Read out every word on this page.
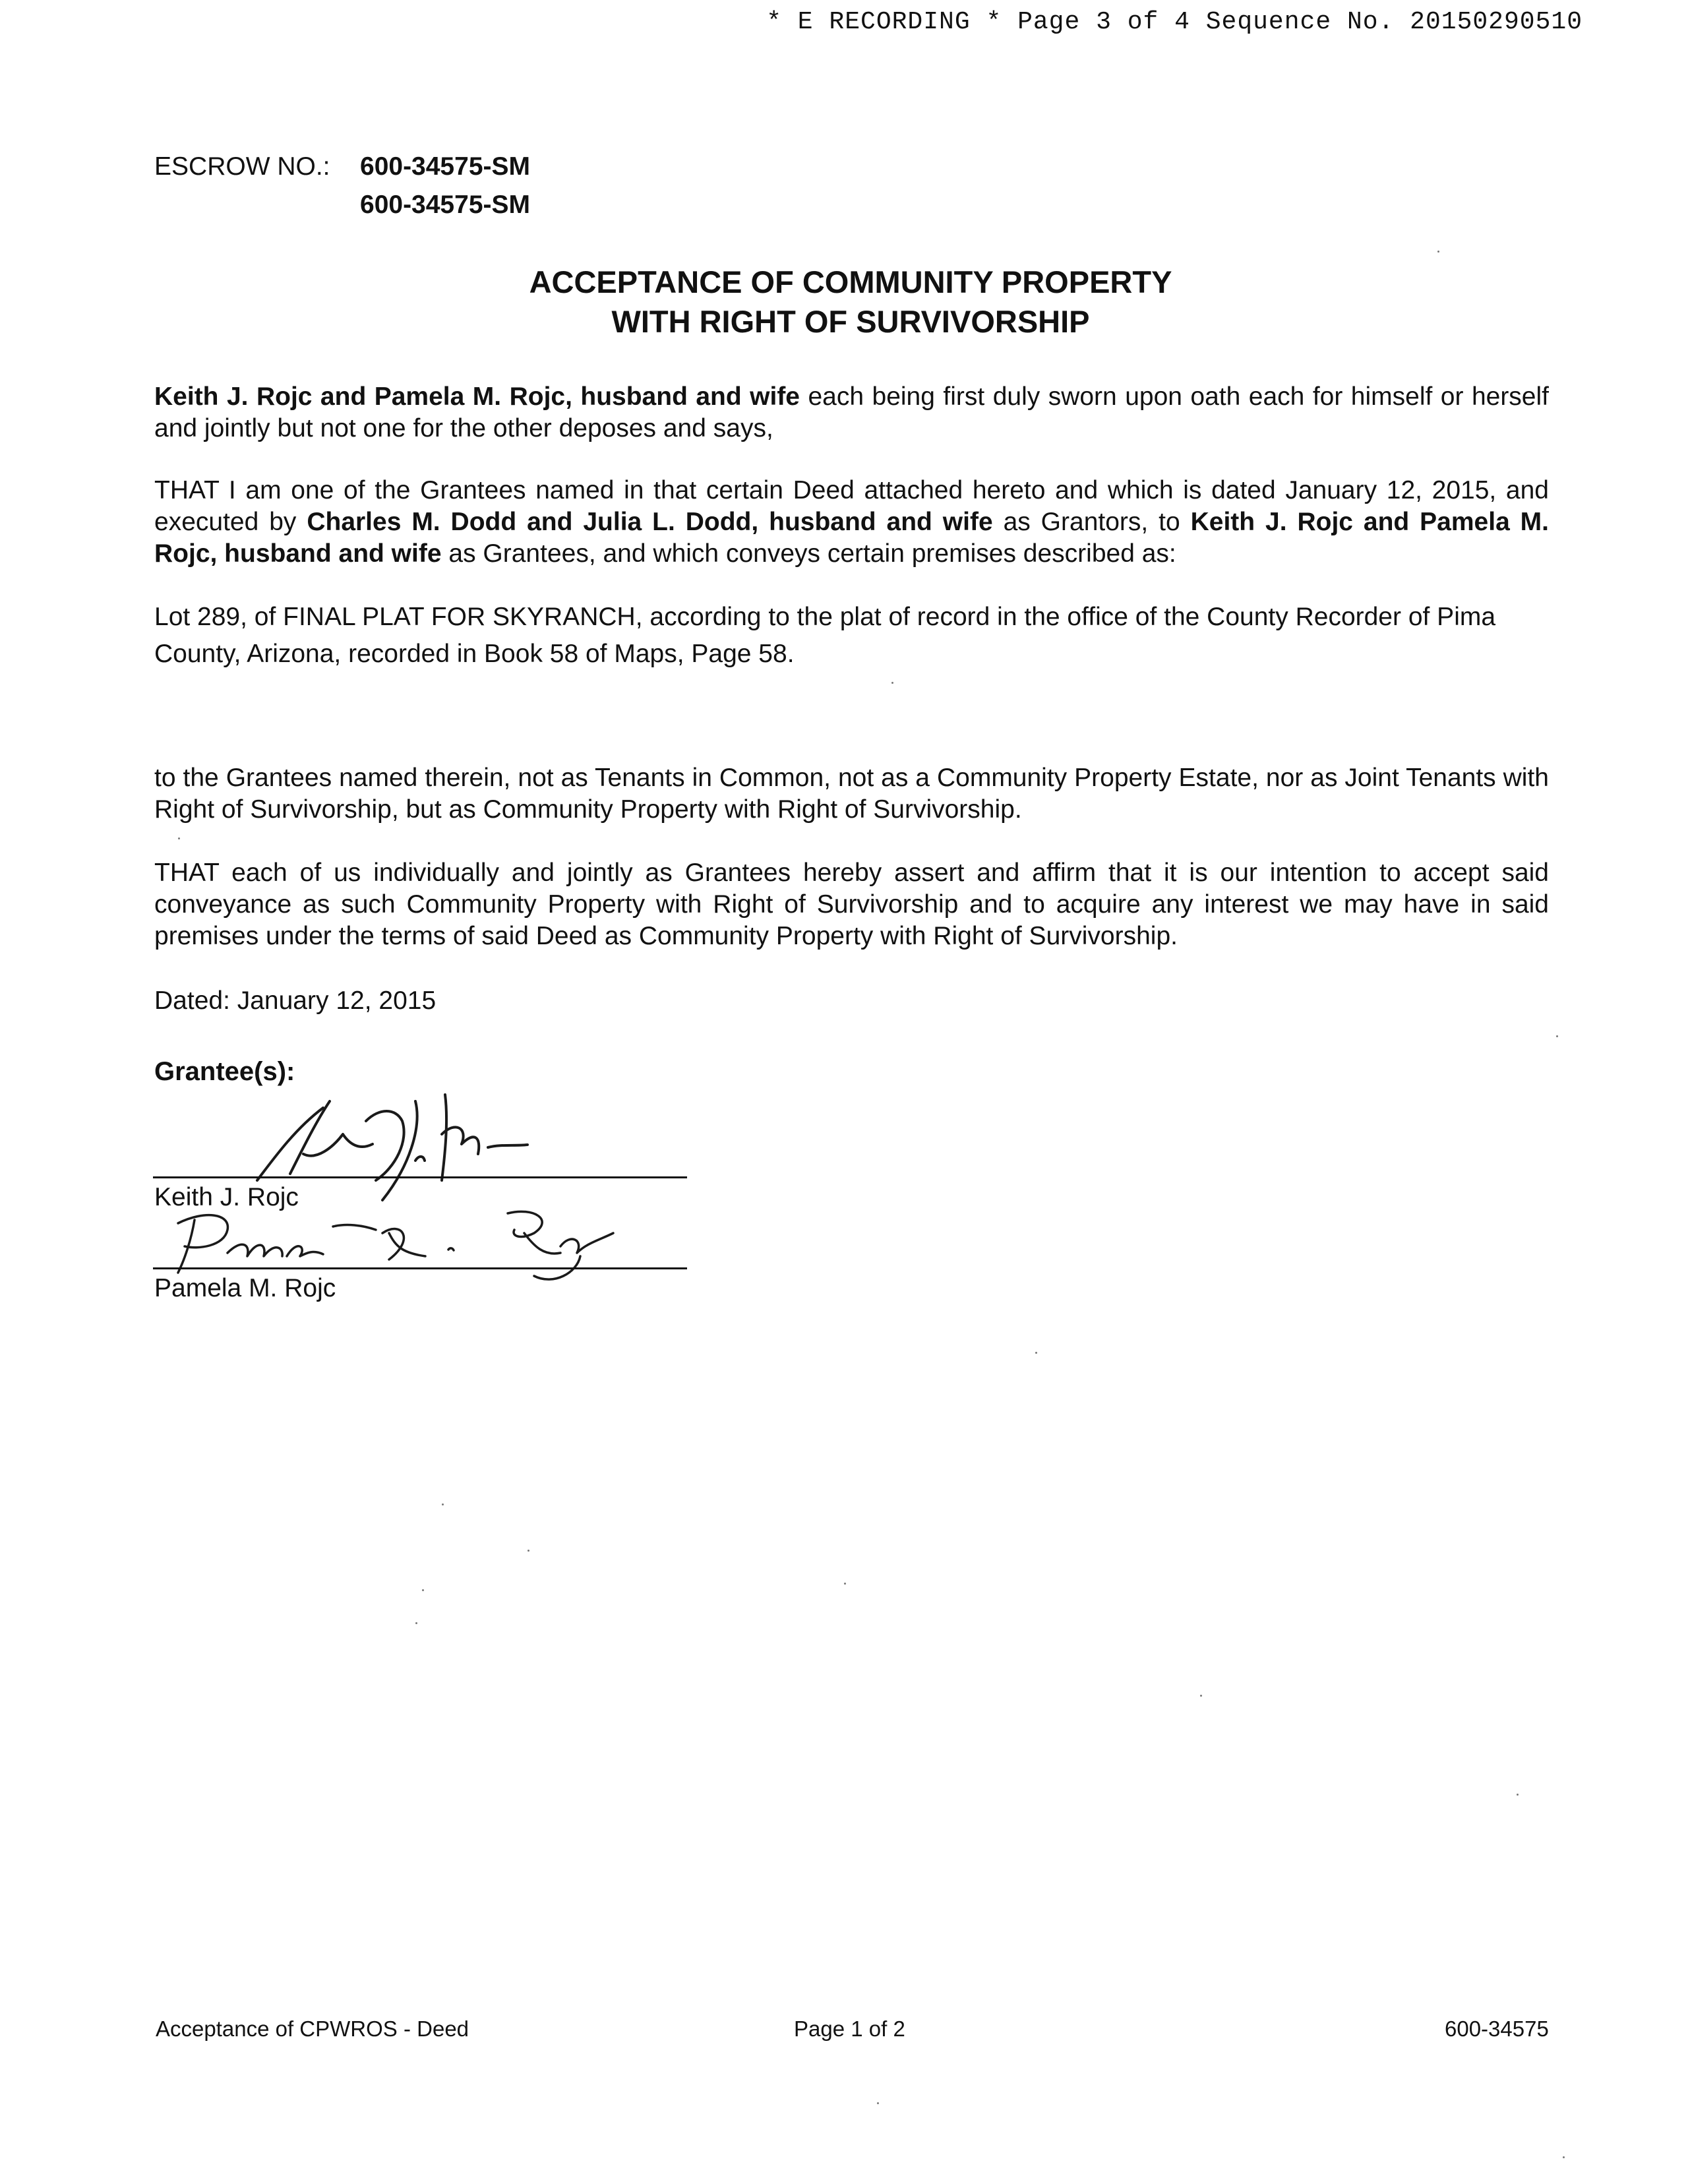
* E RECORDING * Page 3 of 4 Sequence No. 20150290510
ESCROW NO.: 600-34575-SM
600-34575-SM
ACCEPTANCE OF COMMUNITY PROPERTY
WITH RIGHT OF SURVIVORSHIP
Keith J. Rojc and Pamela M. Rojc, husband and wife each being first duly sworn upon oath each for himself or herself and jointly but not one for the other deposes and says,
THAT I am one of the Grantees named in that certain Deed attached hereto and which is dated January 12, 2015, and executed by Charles M. Dodd and Julia L. Dodd, husband and wife as Grantors, to Keith J. Rojc and Pamela M. Rojc, husband and wife as Grantees, and which conveys certain premises described as:
Lot 289, of FINAL PLAT FOR SKYRANCH, according to the plat of record in the office of the County Recorder of Pima County, Arizona, recorded in Book 58 of Maps, Page 58.
to the Grantees named therein, not as Tenants in Common, not as a Community Property Estate, nor as Joint Tenants with Right of Survivorship, but as Community Property with Right of Survivorship.
THAT each of us individually and jointly as Grantees hereby assert and affirm that it is our intention to accept said conveyance as such Community Property with Right of Survivorship and to acquire any interest we may have in said premises under the terms of said Deed as Community Property with Right of Survivorship.
Dated: January 12, 2015
Grantee(s):
Keith J. Rojc
Pamela M. Rojc
Acceptance of CPWROS - Deed	Page 1 of 2	600-34575
